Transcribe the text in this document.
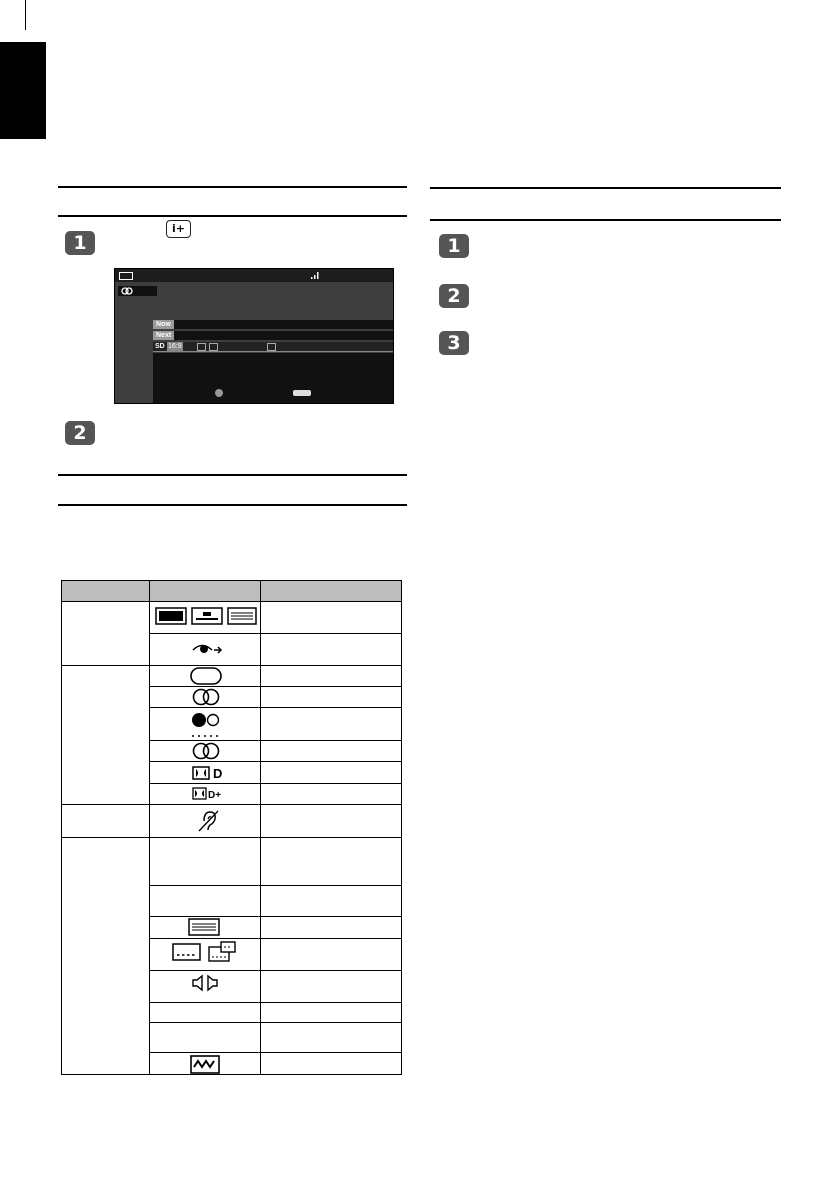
1
i+
Now
Next
SD 16:9
2
D
D+
1
2
3
